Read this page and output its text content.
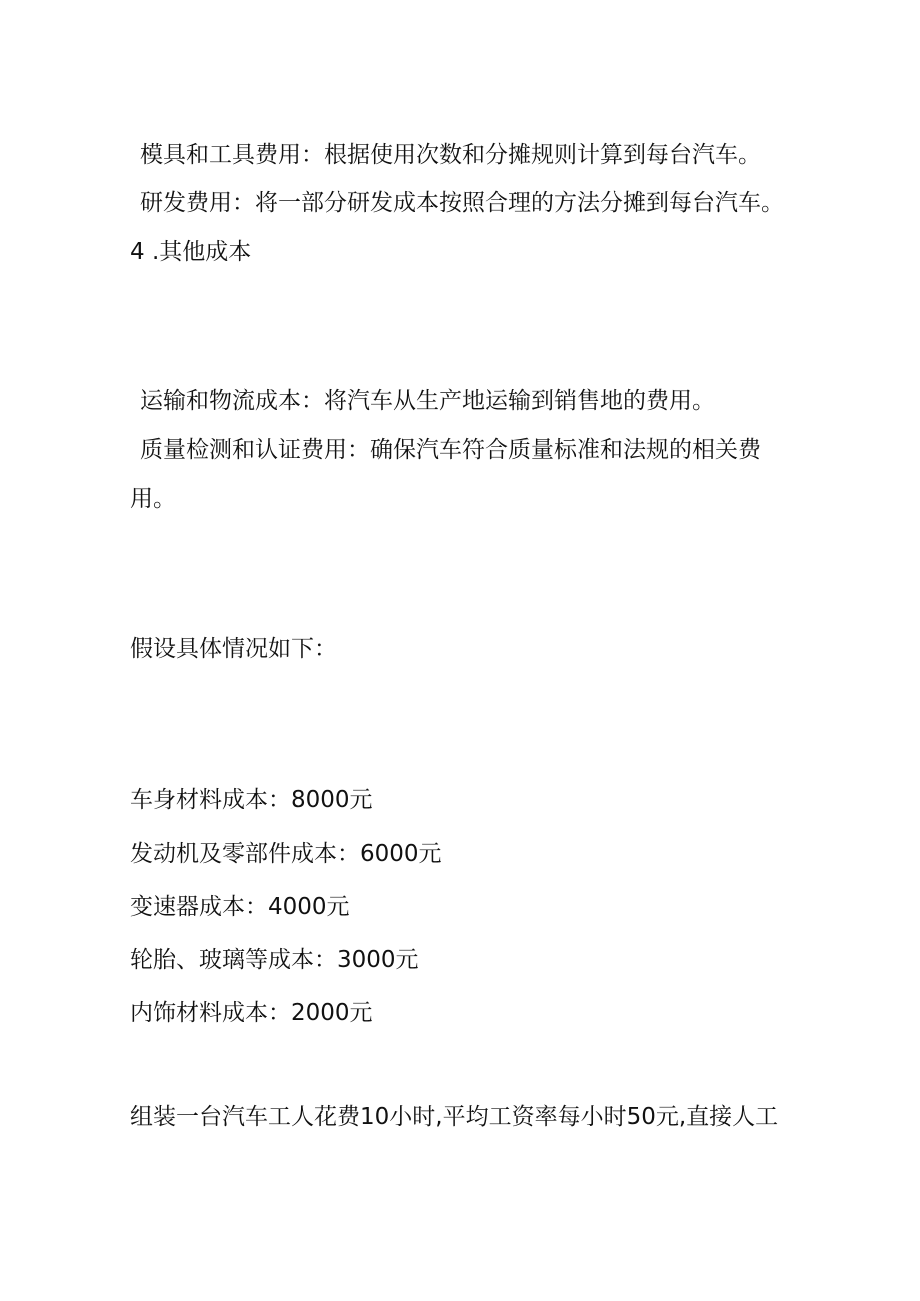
模具和工具费用：根据使用次数和分摊规则计算到每台汽车。
研发费用：将一部分研发成本按照合理的方法分摊到每台汽车。
4 .其他成本
运输和物流成本：将汽车从生产地运输到销售地的费用。
质量检测和认证费用：确保汽车符合质量标准和法规的相关费
用。
假设具体情况如下：
车身材料成本：8000元
发动机及零部件成本：6000元
变速器成本：4000元
轮胎、玻璃等成本：3000元
内饰材料成本：2000元
组装一台汽车工人花费10小时,平均工资率每小时50元,直接人工
